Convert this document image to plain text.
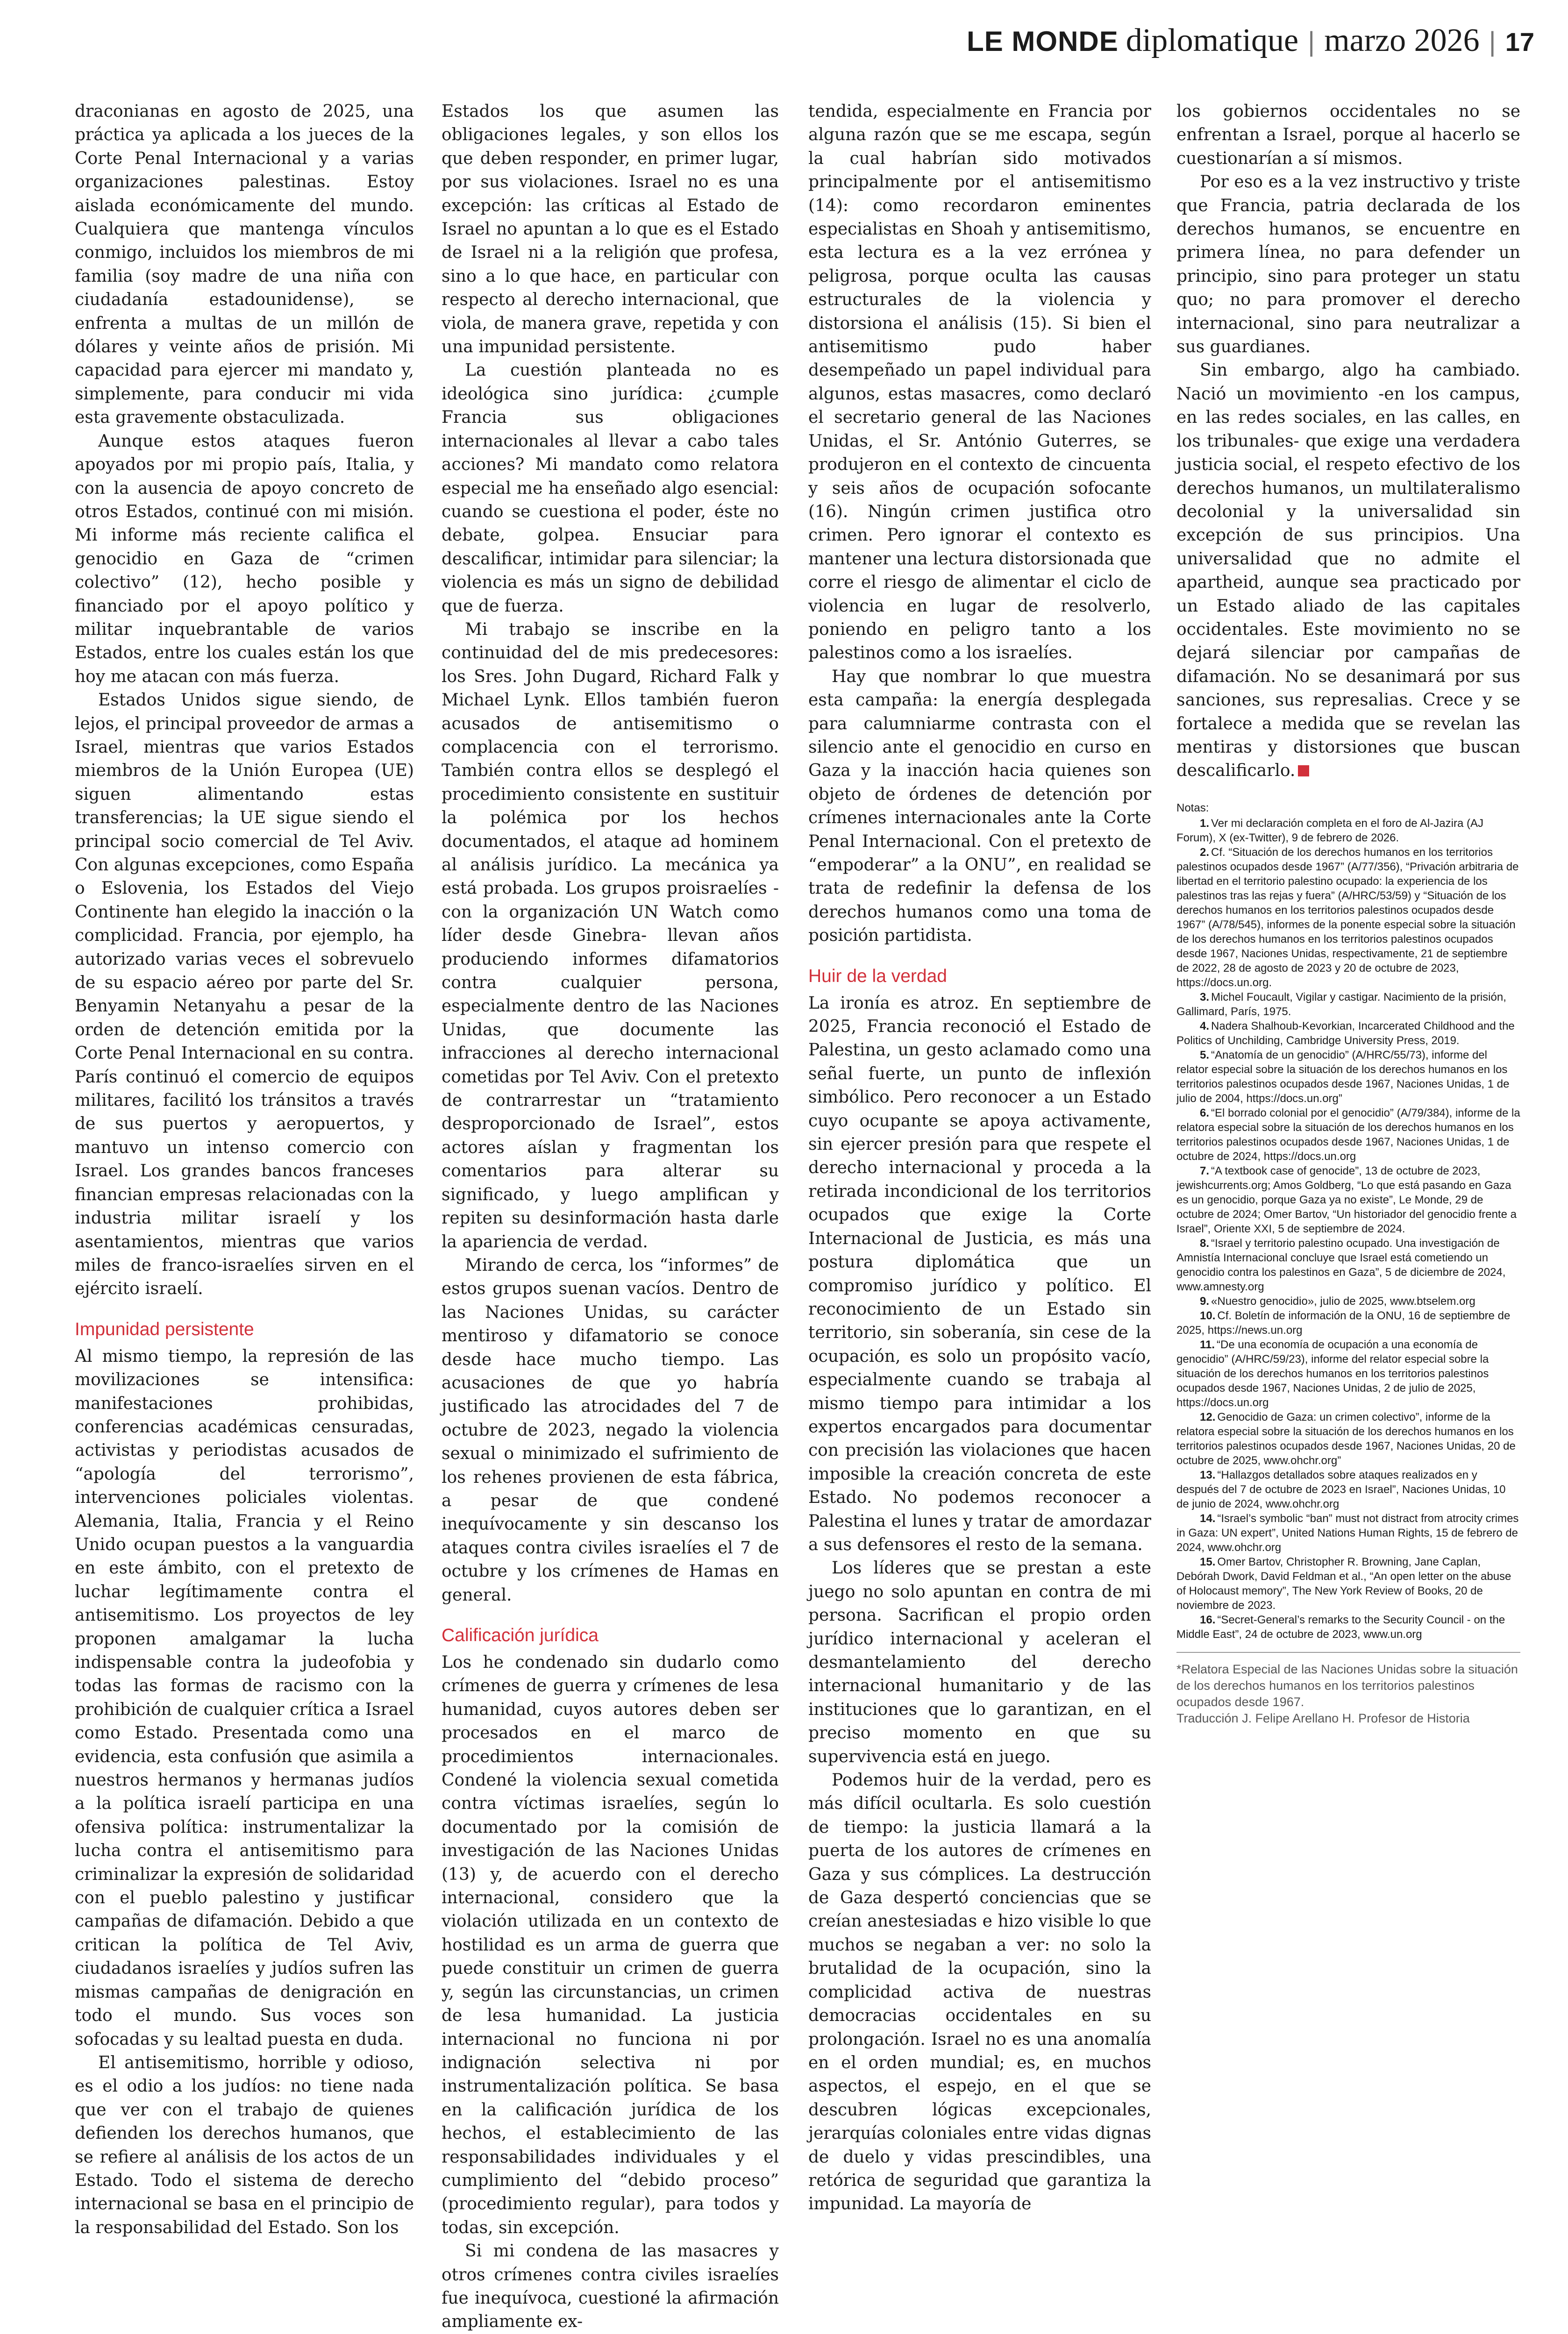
LE MONDE diplomatique | marzo 2026 | 17

draconianas en agosto de 2025, una práctica ya aplicada a los jueces de la Corte Penal Internacional y a varias organizaciones palestinas. Estoy aislada económicamente del mundo. Cualquiera que mantenga vínculos conmigo, incluidos los miembros de mi familia (soy madre de una niña con ciudadanía estadounidense), se enfrenta a multas de un millón de dólares y veinte años de prisión. Mi capacidad para ejercer mi mandato y, simplemente, para conducir mi vida esta gravemente obstaculizada.

Aunque estos ataques fueron apoyados por mi propio país, Italia, y con la ausencia de apoyo concreto de otros Estados, continué con mi misión. Mi informe más reciente califica el genocidio en Gaza de “crimen colectivo” (12), hecho posible y financiado por el apoyo político y militar inquebrantable de varios Estados, entre los cuales están los que hoy me atacan con más fuerza.

Estados Unidos sigue siendo, de lejos, el principal proveedor de armas a Israel, mientras que varios Estados miembros de la Unión Europea (UE) siguen alimentando estas transferencias; la UE sigue siendo el principal socio comercial de Tel Aviv. Con algunas excepciones, como España o Eslovenia, los Estados del Viejo Continente han elegido la inacción o la complicidad. Francia, por ejemplo, ha autorizado varias veces el sobrevuelo de su espacio aéreo por parte del Sr. Benyamin Netanyahu a pesar de la orden de detención emitida por la Corte Penal Internacional en su contra. París continuó el comercio de equipos militares, facilitó los tránsitos a través de sus puertos y aeropuertos, y mantuvo un intenso comercio con Israel. Los grandes bancos franceses financian empresas relacionadas con la industria militar israelí y los asentamientos, mientras que varios miles de franco-israelíes sirven en el ejército israelí.

Impunidad persistente

Al mismo tiempo, la represión de las movilizaciones se intensifica: manifestaciones prohibidas, conferencias académicas censuradas, activistas y periodistas acusados de “apología del terrorismo”, intervenciones policiales violentas. Alemania, Italia, Francia y el Reino Unido ocupan puestos a la vanguardia en este ámbito, con el pretexto de luchar legítimamente contra el antisemitismo. Los proyectos de ley proponen amalgamar la lucha indispensable contra la judeofobia y todas las formas de racismo con la prohibición de cualquier crítica a Israel como Estado. Presentada como una evidencia, esta confusión que asimila a nuestros hermanos y hermanas judíos a la política israelí participa en una ofensiva política: instrumentalizar la lucha contra el antisemitismo para criminalizar la expresión de solidaridad con el pueblo palestino y justificar campañas de difamación. Debido a que critican la política de Tel Aviv, ciudadanos israelíes y judíos sufren las mismas campañas de denigración en todo el mundo. Sus voces son sofocadas y su lealtad puesta en duda.

El antisemitismo, horrible y odioso, es el odio a los judíos: no tiene nada que ver con el trabajo de quienes defienden los derechos humanos, que se refiere al análisis de los actos de un Estado. Todo el sistema de derecho internacional se basa en el principio de la responsabilidad del Estado. Son los

Estados los que asumen las obligaciones legales, y son ellos los que deben responder, en primer lugar, por sus violaciones. Israel no es una excepción: las críticas al Estado de Israel no apuntan a lo que es el Estado de Israel ni a la religión que profesa, sino a lo que hace, en particular con respecto al derecho internacional, que viola, de manera grave, repetida y con una impunidad persistente.

La cuestión planteada no es ideológica sino jurídica: ¿cumple Francia sus obligaciones internacionales al llevar a cabo tales acciones? Mi mandato como relatora especial me ha enseñado algo esencial: cuando se cuestiona el poder, éste no debate, golpea. Ensuciar para descalificar, intimidar para silenciar; la violencia es más un signo de debilidad que de fuerza.

Mi trabajo se inscribe en la continuidad del de mis predecesores: los Sres. John Dugard, Richard Falk y Michael Lynk. Ellos también fueron acusados de antisemitismo o complacencia con el terrorismo. También contra ellos se desplegó el procedimiento consistente en sustituir la polémica por los hechos documentados, el ataque ad hominem al análisis jurídico. La mecánica ya está probada. Los grupos proisraelíes -con la organización UN Watch como líder desde Ginebra- llevan años produciendo informes difamatorios contra cualquier persona, especialmente dentro de las Naciones Unidas, que documente las infracciones al derecho internacional cometidas por Tel Aviv. Con el pretexto de contrarrestar un “tratamiento desproporcionado de Israel”, estos actores aíslan y fragmentan los comentarios para alterar su significado, y luego amplifican y repiten su desinformación hasta darle la apariencia de verdad.

Mirando de cerca, los “informes” de estos grupos suenan vacíos. Dentro de las Naciones Unidas, su carácter mentiroso y difamatorio se conoce desde hace mucho tiempo. Las acusaciones de que yo habría justificado las atrocidades del 7 de octubre de 2023, negado la violencia sexual o minimizado el sufrimiento de los rehenes provienen de esta fábrica, a pesar de que condené inequívocamente y sin descanso los ataques contra civiles israelíes el 7 de octubre y los crímenes de Hamas en general.

Calificación jurídica

Los he condenado sin dudarlo como crímenes de guerra y crímenes de lesa humanidad, cuyos autores deben ser procesados en el marco de procedimientos internacionales. Condené la violencia sexual cometida contra víctimas israelíes, según lo documentado por la comisión de investigación de las Naciones Unidas (13) y, de acuerdo con el derecho internacional, considero que la violación utilizada en un contexto de hostilidad es un arma de guerra que puede constituir un crimen de guerra y, según las circunstancias, un crimen de lesa humanidad. La justicia internacional no funciona ni por indignación selectiva ni por instrumentalización política. Se basa en la calificación jurídica de los hechos, el establecimiento de las responsabilidades individuales y el cumplimiento del “debido proceso” (procedimiento regular), para todos y todas, sin excepción.

Si mi condena de las masacres y otros crímenes contra civiles israelíes fue inequívoca, cuestioné la afirmación ampliamente ex-

tendida, especialmente en Francia por alguna razón que se me escapa, según la cual habrían sido motivados principalmente por el antisemitismo (14): como recordaron eminentes especialistas en Shoah y antisemitismo, esta lectura es a la vez errónea y peligrosa, porque oculta las causas estructurales de la violencia y distorsiona el análisis (15). Si bien el antisemitismo pudo haber desempeñado un papel individual para algunos, estas masacres, como declaró el secretario general de las Naciones Unidas, el Sr. António Guterres, se produjeron en el contexto de cincuenta y seis años de ocupación sofocante (16). Ningún crimen justifica otro crimen. Pero ignorar el contexto es mantener una lectura distorsionada que corre el riesgo de alimentar el ciclo de violencia en lugar de resolverlo, poniendo en peligro tanto a los palestinos como a los israelíes.

Hay que nombrar lo que muestra esta campaña: la energía desplegada para calumniarme contrasta con el silencio ante el genocidio en curso en Gaza y la inacción hacia quienes son objeto de órdenes de detención por crímenes internacionales ante la Corte Penal Internacional. Con el pretexto de “empoderar” a la ONU”, en realidad se trata de redefinir la defensa de los derechos humanos como una toma de posición partidista.

Huir de la verdad

La ironía es atroz. En septiembre de 2025, Francia reconoció el Estado de Palestina, un gesto aclamado como una señal fuerte, un punto de inflexión simbólico. Pero reconocer a un Estado cuyo ocupante se apoya activamente, sin ejercer presión para que respete el derecho internacional y proceda a la retirada incondicional de los territorios ocupados que exige la Corte Internacional de Justicia, es más una postura diplomática que un compromiso jurídico y político. El reconocimiento de un Estado sin territorio, sin soberanía, sin cese de la ocupación, es solo un propósito vacío, especialmente cuando se trabaja al mismo tiempo para intimidar a los expertos encargados para documentar con precisión las violaciones que hacen imposible la creación concreta de este Estado. No podemos reconocer a Palestina el lunes y tratar de amordazar a sus defensores el resto de la semana.

Los líderes que se prestan a este juego no solo apuntan en contra de mi persona. Sacrifican el propio orden jurídico internacional y aceleran el desmantelamiento del derecho internacional humanitario y de las instituciones que lo garantizan, en el preciso momento en que su supervivencia está en juego.

Podemos huir de la verdad, pero es más difícil ocultarla. Es solo cuestión de tiempo: la justicia llamará a la puerta de los autores de crímenes en Gaza y sus cómplices. La destrucción de Gaza despertó conciencias que se creían anestesiadas e hizo visible lo que muchos se negaban a ver: no solo la brutalidad de la ocupación, sino la complicidad activa de nuestras democracias occidentales en su prolongación. Israel no es una anomalía en el orden mundial; es, en muchos aspectos, el espejo, en el que se descubren lógicas excepcionales, jerarquías coloniales entre vidas dignas de duelo y vidas prescindibles, una retórica de seguridad que garantiza la impunidad. La mayoría de

los gobiernos occidentales no se enfrentan a Israel, porque al hacerlo se cuestionarían a sí mismos.

Por eso es a la vez instructivo y triste que Francia, patria declarada de los derechos humanos, se encuentre en primera línea, no para defender un principio, sino para proteger un statu quo; no para promover el derecho internacional, sino para neutralizar a sus guardianes.

Sin embargo, algo ha cambiado. Nació un movimiento -en los campus, en las redes sociales, en las calles, en los tribunales- que exige una verdadera justicia social, el respeto efectivo de los derechos humanos, un multilateralismo decolonial y la universalidad sin excepción de sus principios. Una universalidad que no admite el apartheid, aunque sea practicado por un Estado aliado de las capitales occidentales. Este movimiento no se dejará silenciar por campañas de difamación. No se desanimará por sus sanciones, sus represalias. Crece y se fortalece a medida que se revelan las mentiras y distorsiones que buscan descalificarlo.

Notas:

1. Ver mi declaración completa en el foro de Al-Jazira (AJ Forum), X (ex-Twitter), 9 de febrero de 2026.

2. Cf. “Situación de los derechos humanos en los territorios palestinos ocupados desde 1967” (A/77/356), “Privación arbitraria de libertad en el territorio palestino ocupado: la experiencia de los palestinos tras las rejas y fuera” (A/HRC/53/59) y “Situación de los derechos humanos en los territorios palestinos ocupados desde 1967” (A/78/545), informes de la ponente especial sobre la situación de los derechos humanos en los territorios palestinos ocupados desde 1967, Naciones Unidas, respectivamente, 21 de septiembre de 2022, 28 de agosto de 2023 y 20 de octubre de 2023, https://docs.un.org.

3. Michel Foucault, Vigilar y castigar. Nacimiento de la prisión, Gallimard, París, 1975.

4. Nadera Shalhoub-Kevorkian, Incarcerated Childhood and the Politics of Unchilding, Cambridge University Press, 2019.

5. “Anatomía de un genocidio” (A/HRC/55/73), informe del relator especial sobre la situación de los derechos humanos en los territorios palestinos ocupados desde 1967, Naciones Unidas, 1 de julio de 2004, https://docs.un.org”

6. “El borrado colonial por el genocidio” (A/79/384), informe de la relatora especial sobre la situación de los derechos humanos en los territorios palestinos ocupados desde 1967, Naciones Unidas, 1 de octubre de 2024, https://docs.un.org

7. “A textbook case of genocide”, 13 de octubre de 2023, jewishcurrents.org; Amos Goldberg, “Lo que está pasando en Gaza es un genocidio, porque Gaza ya no existe”, Le Monde, 29 de octubre de 2024; Omer Bartov, “Un historiador del genocidio frente a Israel”, Oriente XXI, 5 de septiembre de 2024.

8. “Israel y territorio palestino ocupado. Una investigación de Amnistía Internacional concluye que Israel está cometiendo un genocidio contra los palestinos en Gaza”, 5 de diciembre de 2024, www.amnesty.org

9. «Nuestro genocidio», julio de 2025, www.btselem.org

10. Cf. Boletín de información de la ONU, 16 de septiembre de 2025, https://news.un.org

11. “De una economía de ocupación a una economía de genocidio” (A/HRC/59/23), informe del relator especial sobre la situación de los derechos humanos en los territorios palestinos ocupados desde 1967, Naciones Unidas, 2 de julio de 2025, https://docs.un.org

12. Genocidio de Gaza: un crimen colectivo”, informe de la relatora especial sobre la situación de los derechos humanos en los territorios palestinos ocupados desde 1967, Naciones Unidas, 20 de octubre de 2025, www.ohchr.org”

13. “Hallazgos detallados sobre ataques realizados en y después del 7 de octubre de 2023 en Israel”, Naciones Unidas, 10 de junio de 2024, www.ohchr.org

14. “Israel’s symbolic “ban” must not distract from atrocity crimes in Gaza: UN expert”, United Nations Human Rights, 15 de febrero de 2024, www.ohchr.org

15. Omer Bartov, Christopher R. Browning, Jane Caplan, Debórah Dwork, David Feldman et al., “An open letter on the abuse of Holocaust memory”, The New York Review of Books, 20 de noviembre de 2023.

16. “Secret-General’s remarks to the Security Council - on the Middle East”, 24 de octubre de 2023, www.un.org

*Relatora Especial de las Naciones Unidas sobre la situación de los derechos humanos en los territorios palestinos ocupados desde 1967.
Traducción J. Felipe Arellano H. Profesor de Historia
